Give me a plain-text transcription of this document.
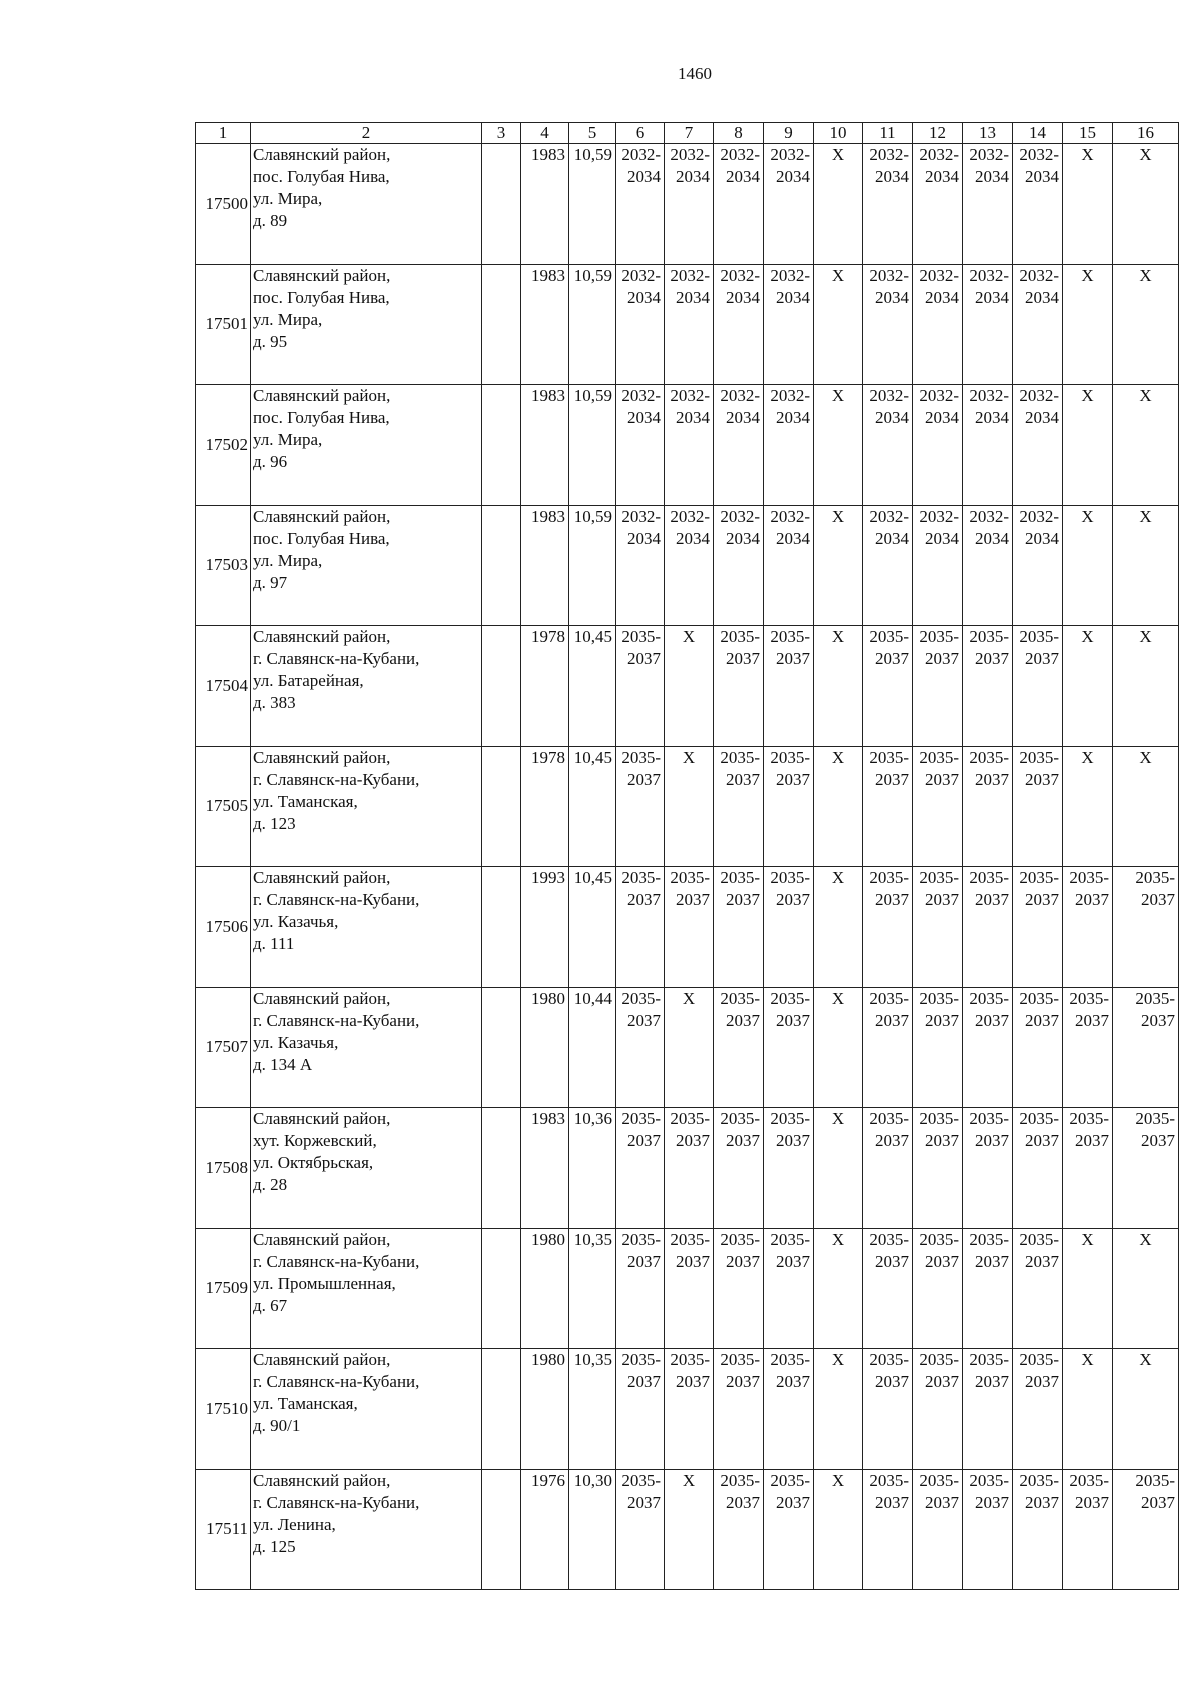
1460
1	2	3	4	5	6	7	8	9	10	11	12	13	14	15	16
17500	Славянский район,
пос. Голубая Нива,
ул. Мира,
д. 89		1983	10,59	2032-
2034	2032-
2034	2032-
2034	2032-
2034	X	2032-
2034	2032-
2034	2032-
2034	2032-
2034	X	X
17501	Славянский район,
пос. Голубая Нива,
ул. Мира,
д. 95		1983	10,59	2032-
2034	2032-
2034	2032-
2034	2032-
2034	X	2032-
2034	2032-
2034	2032-
2034	2032-
2034	X	X
17502	Славянский район,
пос. Голубая Нива,
ул. Мира,
д. 96		1983	10,59	2032-
2034	2032-
2034	2032-
2034	2032-
2034	X	2032-
2034	2032-
2034	2032-
2034	2032-
2034	X	X
17503	Славянский район,
пос. Голубая Нива,
ул. Мира,
д. 97		1983	10,59	2032-
2034	2032-
2034	2032-
2034	2032-
2034	X	2032-
2034	2032-
2034	2032-
2034	2032-
2034	X	X
17504	Славянский район,
г. Славянск-на-Кубани,
ул. Батарейная,
д. 383		1978	10,45	2035-
2037	X	2035-
2037	2035-
2037	X	2035-
2037	2035-
2037	2035-
2037	2035-
2037	X	X
17505	Славянский район,
г. Славянск-на-Кубани,
ул. Таманская,
д. 123		1978	10,45	2035-
2037	X	2035-
2037	2035-
2037	X	2035-
2037	2035-
2037	2035-
2037	2035-
2037	X	X
17506	Славянский район,
г. Славянск-на-Кубани,
ул. Казачья,
д. 111		1993	10,45	2035-
2037	2035-
2037	2035-
2037	2035-
2037	X	2035-
2037	2035-
2037	2035-
2037	2035-
2037	2035-
2037	2035-
2037

17507	Славянский район,
г. Славянск-на-Кубани,
ул. Казачья,
д. 134 А		1980	10,44	2035-
2037	X	2035-
2037	2035-
2037	X	2035-
2037	2035-
2037	2035-
2037	2035-
2037	2035-
2037	2035-
2037

17508	Славянский район,
хут. Коржевский,
ул. Октябрьская,
д. 28		1983	10,36	2035-
2037	2035-
2037	2035-
2037	2035-
2037	X	2035-
2037	2035-
2037	2035-
2037	2035-
2037	2035-
2037	2035-
2037

17509	Славянский район,
г. Славянск-на-Кубани,
ул. Промышленная,
д. 67		1980	10,35	2035-
2037	2035-
2037	2035-
2037	2035-
2037	X	2035-
2037	2035-
2037	2035-
2037	2035-
2037	X	X
17510	Славянский район,
г. Славянск-на-Кубани,
ул. Таманская,
д. 90/1		1980	10,35	2035-
2037	2035-
2037	2035-
2037	2035-
2037	X	2035-
2037	2035-
2037	2035-
2037	2035-
2037	X	X
17511	Славянский район,
г. Славянск-на-Кубани,
ул. Ленина,
д. 125		1976	10,30	2035-
2037	X	2035-
2037	2035-
2037	X	2035-
2037	2035-
2037	2035-
2037	2035-
2037	2035-
2037	2035-
2037
